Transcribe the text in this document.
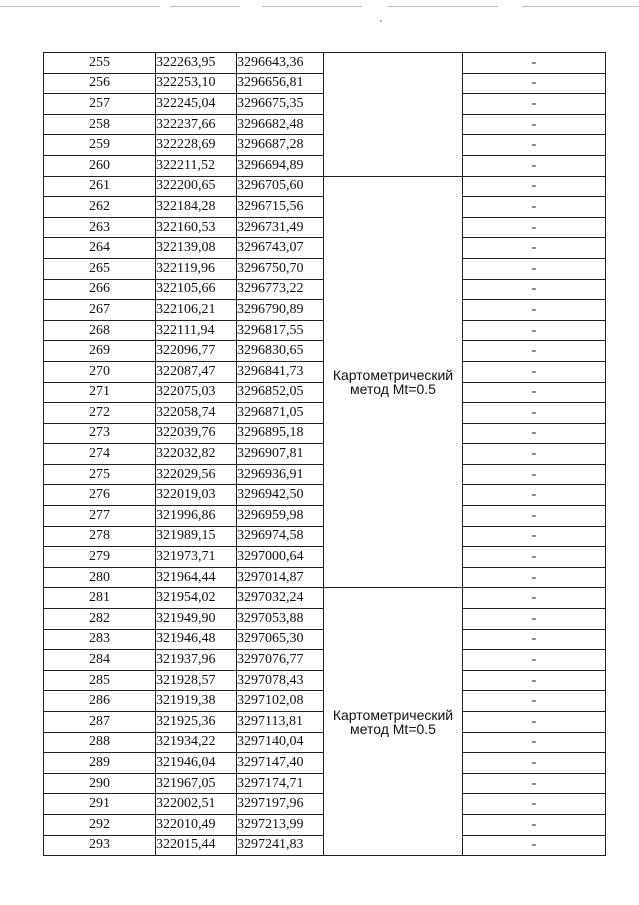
255	322263,95	3296643,36		-
256	322253,10	3296656,81		-
257	322245,04	3296675,35		-
258	322237,66	3296682,48		-
259	322228,69	3296687,28		-
260	322211,52	3296694,89		-
261	322200,65	3296705,60	Картометрический
метод Mt=0.5	-
262	322184,28	3296715,56		-
263	322160,53	3296731,49		-
264	322139,08	3296743,07		-
265	322119,96	3296750,70		-
266	322105,66	3296773,22		-
267	322106,21	3296790,89		-
268	322111,94	3296817,55		-
269	322096,77	3296830,65		-
270	322087,47	3296841,73		-
271	322075,03	3296852,05		-
272	322058,74	3296871,05		-
273	322039,76	3296895,18		-
274	322032,82	3296907,81		-
275	322029,56	3296936,91		-
276	322019,03	3296942,50		-
277	321996,86	3296959,98		-
278	321989,15	3296974,58		-
279	321973,71	3297000,64		-
280	321964,44	3297014,87		-
281	321954,02	3297032,24	Картометрический
метод Mt=0.5	-
282	321949,90	3297053,88		-
283	321946,48	3297065,30		-
284	321937,96	3297076,77		-
285	321928,57	3297078,43		-
286	321919,38	3297102,08		-
287	321925,36	3297113,81		-
288	321934,22	3297140,04		-
289	321946,04	3297147,40		-
290	321967,05	3297174,71		-
291	322002,51	3297197,96		-
292	322010,49	3297213,99		-
293	322015,44	3297241,83		-
